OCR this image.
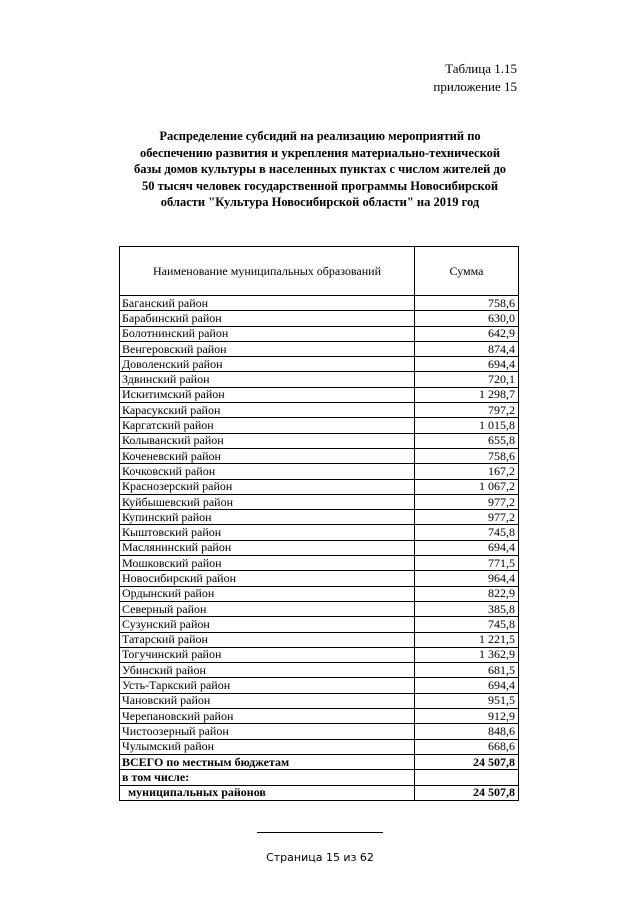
Таблица 1.15
приложение 15
Распределение субсидий на реализацию мероприятий по
обеспечению развития и укрепления материально-технической
базы домов культуры в населенных пунктах с числом жителей до
50 тысяч человек государственной программы Новосибирской
области "Культура Новосибирской области" на 2019 год
Наименование муниципальных образований	Сумма
Баганский район	758,6
Барабинский район	630,0
Болотнинский район	642,9
Венгеровский район	874,4
Доволенский район	694,4
Здвинский район	720,1
Искитимский район	1 298,7
Карасукский район	797,2
Каргатский район	1 015,8
Колыванский район	655,8
Коченевский район	758,6
Кочковский район	167,2
Краснозерский район	1 067,2
Куйбышевский район	977,2
Купинский район	977,2
Кыштовский район	745,8
Маслянинский район	694,4
Мошковский район	771,5
Новосибирский район	964,4
Ордынский район	822,9
Северный район	385,8
Сузунский район	745,8
Татарский район	1 221,5
Тогучинский район	1 362,9
Убинский район	681,5
Усть-Таркский район	694,4
Чановский район	951,5
Черепановский район	912,9
Чистоозерный район	848,6
Чулымский район	668,6
ВСЕГО по местным бюджетам	24 507,8
в том числе:	
муниципальных районов	24 507,8
Страница 15 из 62
